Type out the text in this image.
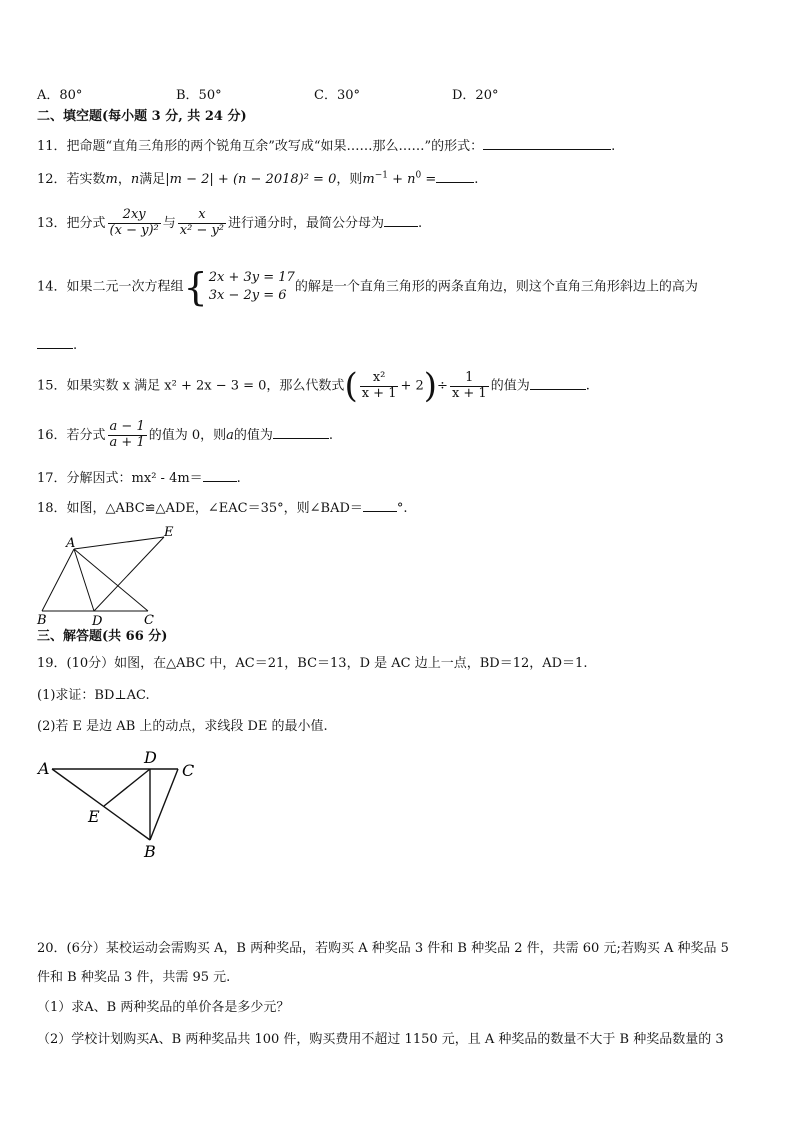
A．80°	B．50°	C．30°	D．20°
二、填空题(每小题 3 分, 共 24 分)
11．把命题“直角三角形的两个锐角互余”改写成“如果……那么……”的形式：	.
12．若实数m，n满足|m − 2| + (n − 2018)² = 0，则$m^{-1} + n^0$ =	.
13．把分式 $\frac{2xy}{\text{(x − y)²}}$ 与 $\frac{x}{\text{x² − y²}}$ 进行通分时，最简公分母为	.
14．如果二元一次方程组 { 2x + 3y = 17
3x − 2y = 6
的解是一个直角三角形的两条直角边，则这个直角三角形斜边上的高为
.
15．如果实数 x 满足 x² + 2x − 3 = 0，那么代数式( $\frac{\text{x²}}{x + 1} + 2)\div \frac{1}{x + 1}$ 的值为	.
16．若分式 $\frac{a - 1}{a + 1}$ 的值为 0，则a的值为	.
17．分解因式：mx² - 4m＝	.
18．如图，△ABC≌△ADE，∠EAC＝35°，则∠BAD＝	°.
A
B	C
D
E
三、解答题(共 66 分)
19．(10分）如图，在△ABC 中，AC＝21，BC＝13，D 是 AC 边上一点，BD＝12，AD＝1.
(1)求证：BD⊥AC.
(2)若 E 是边 AB 上的动点，求线段 DE 的最小值.
A
B
C
D
E
20．(6分）某校运动会需购买 A，B 两种奖品，若购买 A 种奖品 3 件和 B 种奖品 2 件，共需 60 元;若购买 A 种奖品 5
件和 B 种奖品 3 件，共需 95 元.
（1）求A、B 两种奖品的单价各是多少元？
（2）学校计划购买A、B 两种奖品共 100 件，购买费用不超过 1150 元，且 A 种奖品的数量不大于 B 种奖品数量的 3
